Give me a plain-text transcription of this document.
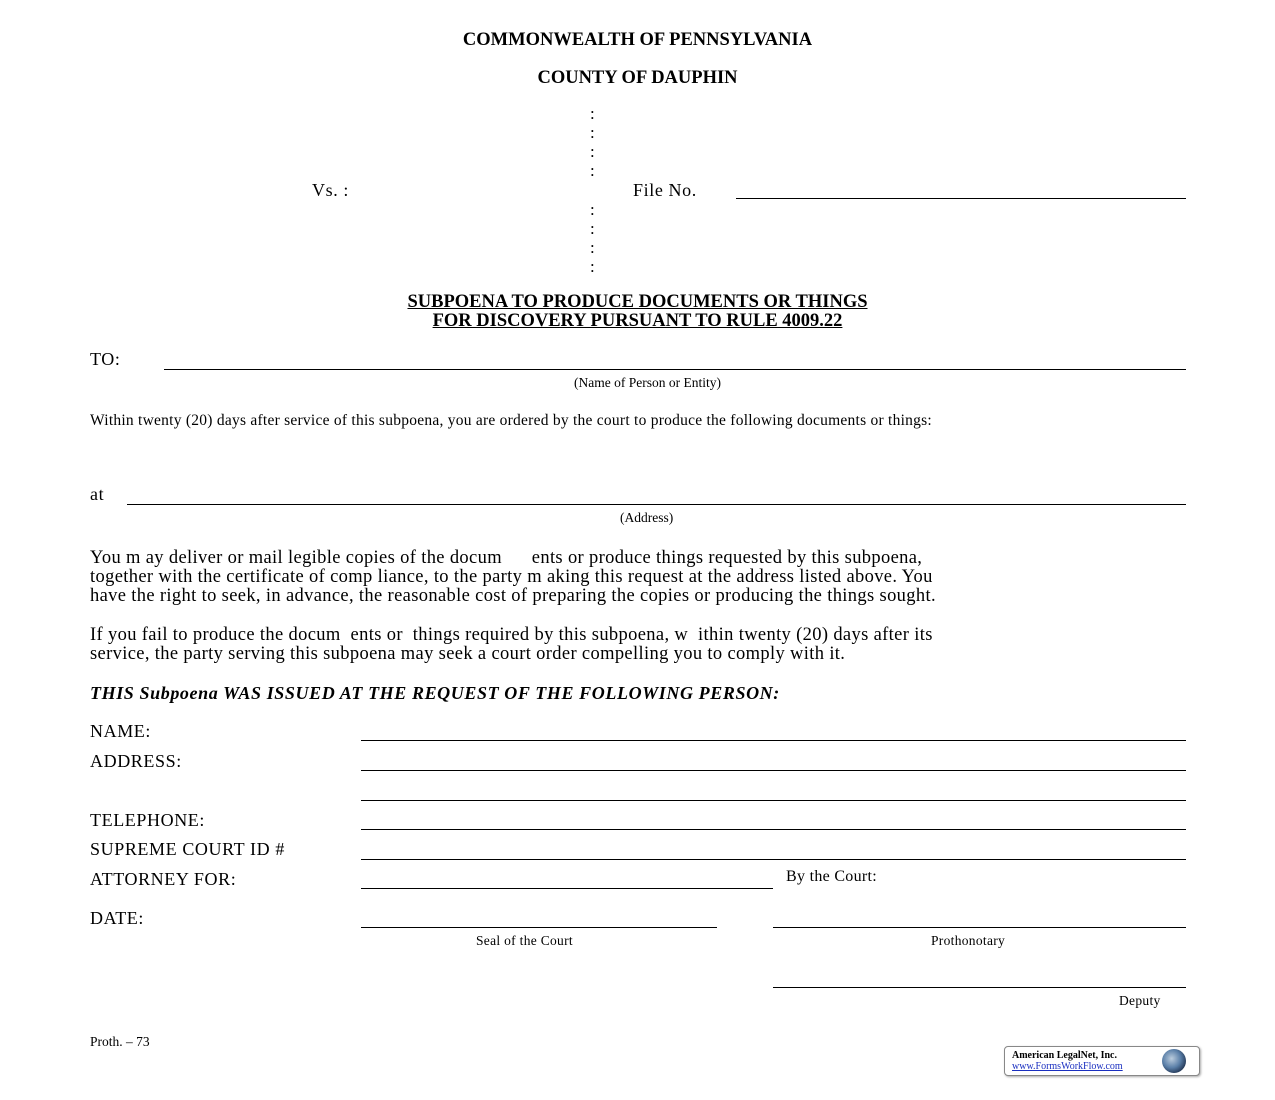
COMMONWEALTH OF PENNSYLVANIA
COUNTY OF DAUPHIN
:
:
:
:
:
:
:
:
Vs. :	File No.
SUBPOENA TO PRODUCE DOCUMENTS OR THINGS
FOR DISCOVERY PURSUANT TO RULE 4009.22
TO:
(Name of Person or Entity)
Within twenty (20) days after service of this subpoena, you are ordered by the court to produce the following documents or things:
at
(Address)
You m ay deliver or mail legible copies of the docum      ents or produce things requested by this subpoena,
together with the certificate of comp liance, to the party m aking this request at the address listed above. You
have the right to seek, in advance, the reasonable cost of preparing the copies or producing the things sought.
If you fail to produce the docum  ents or  things required by this subpoena, w  ithin twenty (20) days after its
service, the party serving this subpoena may seek a court order compelling you to comply with it.
THIS Subpoena WAS ISSUED AT THE REQUEST OF THE FOLLOWING PERSON:
NAME:
ADDRESS:
TELEPHONE:
SUPREME COURT ID #
ATTORNEY FOR:	By the Court:
DATE:
Seal of the Court	Prothonotary
Deputy
Proth. – 73
American LegalNet, Inc.
www.FormsWorkFlow.com
